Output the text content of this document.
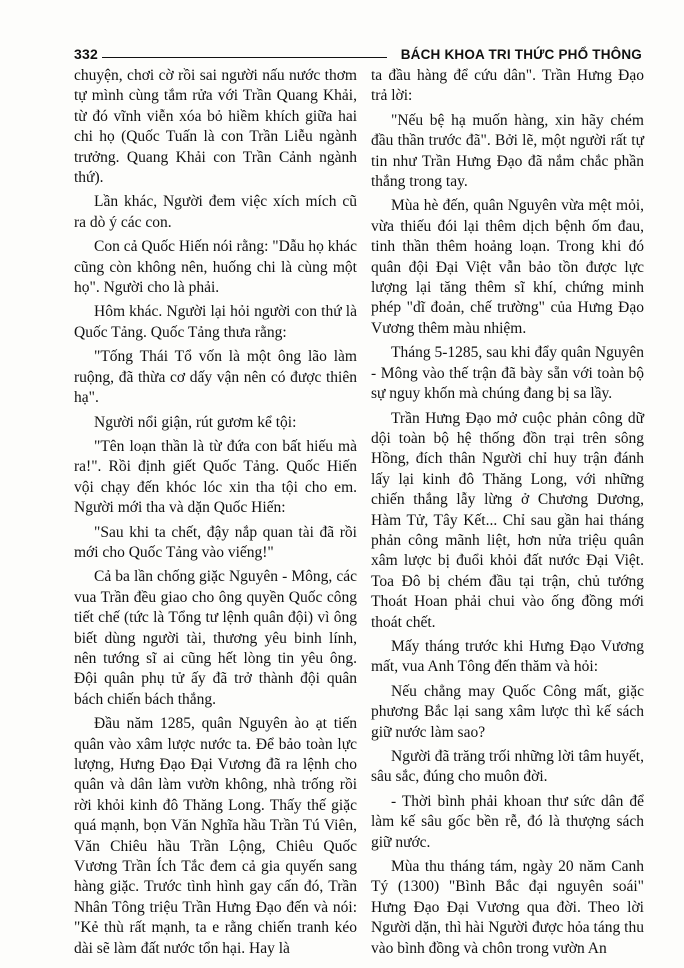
332	BÁCH KHOA TRI THỨC PHỔ THÔNG

chuyện, chơi cờ rồi sai người nấu nước thơm tự mình cùng tắm rửa với Trần Quang Khải, từ đó vĩnh viễn xóa bỏ hiềm khích giữa hai chi họ (Quốc Tuấn là con Trần Liễu ngành trưởng. Quang Khải con Trần Cảnh ngành thứ).

Lần khác, Người đem việc xích mích cũ ra dò ý các con.

Con cả Quốc Hiến nói rằng: "Dẫu họ khác cũng còn không nên, huống chi là cùng một họ". Người cho là phải.

Hôm khác. Người lại hỏi người con thứ là Quốc Tảng. Quốc Tảng thưa rằng:

"Tống Thái Tổ vốn là một ông lão làm ruộng, đã thừa cơ dấy vận nên có được thiên hạ".

Người nổi giận, rút gươm kể tội:

"Tên loạn thần là từ đứa con bất hiếu mà ra!". Rồi định giết Quốc Tảng. Quốc Hiến vội chạy đến khóc lóc xin tha tội cho em. Người mới tha và dặn Quốc Hiến:

"Sau khi ta chết, đậy nắp quan tài đã rồi mới cho Quốc Tảng vào viếng!"

Cả ba lần chống giặc Nguyên - Mông, các vua Trần đều giao cho ông quyền Quốc công tiết chế (tức là Tổng tư lệnh quân đội) vì ông biết dùng người tài, thương yêu binh lính, nên tướng sĩ ai cũng hết lòng tin yêu ông. Đội quân phụ tử ấy đã trở thành đội quân bách chiến bách thắng.

Đầu năm 1285, quân Nguyên ào ạt tiến quân vào xâm lược nước ta. Để bảo toàn lực lượng, Hưng Đạo Đại Vương đã ra lệnh cho quân và dân làm vườn không, nhà trống rồi rời khỏi kinh đô Thăng Long. Thấy thế giặc quá mạnh, bọn Văn Nghĩa hầu Trần Tú Viên, Văn Chiêu hầu Trần Lộng, Chiêu Quốc Vương Trần Ích Tắc đem cả gia quyến sang hàng giặc. Trước tình hình gay cấn đó, Trần Nhân Tông triệu Trần Hưng Đạo đến và nói: "Kẻ thù rất mạnh, ta e rằng chiến tranh kéo dài sẽ làm đất nước tổn hại. Hay là

ta đầu hàng để cứu dân". Trần Hưng Đạo trả lời:

"Nếu bệ hạ muốn hàng, xin hãy chém đầu thần trước đã". Bởi lẽ, một người rất tự tin như Trần Hưng Đạo đã nắm chắc phần thắng trong tay.

Mùa hè đến, quân Nguyên vừa mệt mỏi, vừa thiếu đói lại thêm dịch bệnh ốm đau, tinh thần thêm hoảng loạn. Trong khi đó quân đội Đại Việt vẫn bảo tồn được lực lượng lại tăng thêm sĩ khí, chứng minh phép "dĩ đoản, chế trường" của Hưng Đạo Vương thêm màu nhiệm.

Tháng 5-1285, sau khi đẩy quân Nguyên - Mông vào thế trận đã bày sẵn với toàn bộ sự nguy khốn mà chúng đang bị sa lầy.

Trần Hưng Đạo mở cuộc phản công dữ dội toàn bộ hệ thống đồn trại trên sông Hồng, đích thân Người chỉ huy trận đánh lấy lại kinh đô Thăng Long, với những chiến thắng lẫy lừng ở Chương Dương, Hàm Tử, Tây Kết... Chỉ sau gần hai tháng phản công mãnh liệt, hơn nửa triệu quân xâm lược bị đuổi khỏi đất nước Đại Việt. Toa Đô bị chém đầu tại trận, chủ tướng Thoát Hoan phải chui vào ống đồng mới thoát chết.

Mấy tháng trước khi Hưng Đạo Vương mất, vua Anh Tông đến thăm và hỏi:

Nếu chẳng may Quốc Công mất, giặc phương Bắc lại sang xâm lược thì kế sách giữ nước làm sao?

Người đã trăng trối những lời tâm huyết, sâu sắc, đúng cho muôn đời.

- Thời bình phải khoan thư sức dân để làm kế sâu gốc bền rễ, đó là thượng sách giữ nước.

Mùa thu tháng tám, ngày 20 năm Canh Tý (1300) "Bình Bắc đại nguyên soái" Hưng Đạo Đại Vương qua đời. Theo lời Người dặn, thì hài Người được hỏa táng thu vào bình đồng và chôn trong vườn An
